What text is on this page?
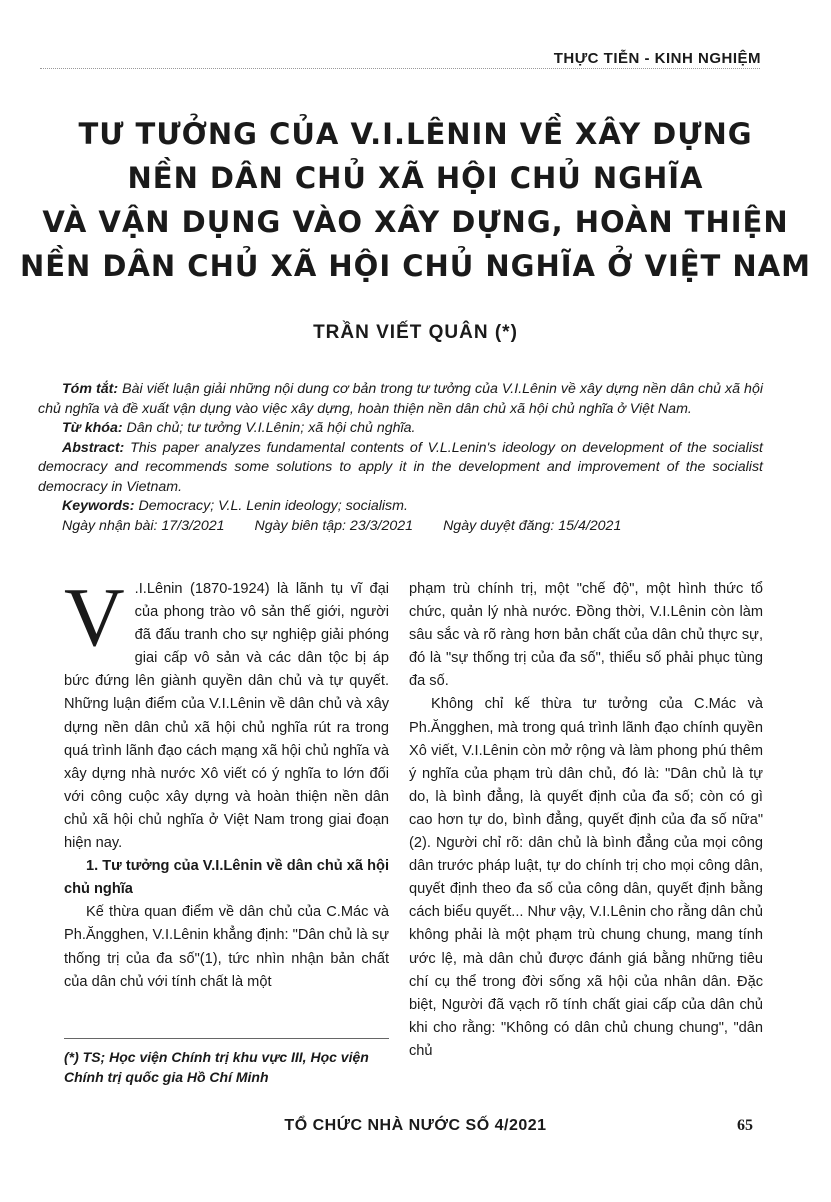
THỰC TIỄN - KINH NGHIỆM
TƯ TƯỞNG CỦA V.I.LÊNIN VỀ XÂY DỰNG
NỀN DÂN CHỦ XÃ HỘI CHỦ NGHĨA
VÀ VẬN DỤNG VÀO XÂY DỰNG, HOÀN THIỆN
NỀN DÂN CHỦ XÃ HỘI CHỦ NGHĨA Ở VIỆT NAM
TRẦN VIẾT QUÂN (*)

Tóm tắt: Bài viết luận giải những nội dung cơ bản trong tư tưởng của V.I.Lênin về xây dựng nền dân chủ xã hội chủ nghĩa và đề xuất vận dụng vào việc xây dựng, hoàn thiện nền dân chủ xã hội chủ nghĩa ở Việt Nam.

Từ khóa: Dân chủ; tư tưởng V.I.Lênin; xã hội chủ nghĩa.

Abstract: This paper analyzes fundamental contents of V.L.Lenin's ideology on development of the socialist democracy and recommends some solutions to apply it in the development and improvement of the socialist democracy in Vietnam.

Keywords: Democracy; V.L. Lenin ideology; socialism.

Ngày nhận bài: 17/3/2021 Ngày biên tập: 23/3/2021 Ngày duyệt đăng: 15/4/2021

V .I.Lênin (1870-1924) là lãnh tụ vĩ đại của phong trào vô sản thế giới, người đã đấu tranh cho sự nghiệp giải phóng giai cấp vô sản và các dân tộc bị áp bức đứng lên giành quyền dân chủ và tự quyết. Những luận điểm của V.I.Lênin về dân chủ và xây dựng nền dân chủ xã hội chủ nghĩa rút ra trong quá trình lãnh đạo cách mạng xã hội chủ nghĩa và xây dựng nhà nước Xô viết có ý nghĩa to lớn đối với công cuộc xây dựng và hoàn thiện nền dân chủ xã hội chủ nghĩa ở Việt Nam trong giai đoạn hiện nay.

1. Tư tưởng của V.I.Lênin về dân chủ xã hội chủ nghĩa

Kế thừa quan điểm về dân chủ của C.Mác và Ph.Ăngghen, V.I.Lênin khẳng định: "Dân chủ là sự thống trị của đa số"(1), tức nhìn nhận bản chất của dân chủ với tính chất là một

phạm trù chính trị, một "chế độ", một hình thức tổ chức, quản lý nhà nước. Đồng thời, V.I.Lênin còn làm sâu sắc và rõ ràng hơn bản chất của dân chủ thực sự, đó là "sự thống trị của đa số", thiểu số phải phục tùng đa số.

Không chỉ kế thừa tư tưởng của C.Mác và Ph.Ăngghen, mà trong quá trình lãnh đạo chính quyền Xô viết, V.I.Lênin còn mở rộng và làm phong phú thêm ý nghĩa của phạm trù dân chủ, đó là: "Dân chủ là tự do, là bình đẳng, là quyết định của đa số; còn có gì cao hơn tự do, bình đẳng, quyết định của đa số nữa"(2). Người chỉ rõ: dân chủ là bình đẳng của mọi công dân trước pháp luật, tự do chính trị cho mọi công dân, quyết định theo đa số của công dân, quyết định bằng cách biểu quyết... Như vậy, V.I.Lênin cho rằng dân chủ không phải là một phạm trù chung chung, mang tính ước lệ, mà dân chủ được đánh giá bằng những tiêu chí cụ thể trong đời sống xã hội của nhân dân. Đặc biệt, Người đã vạch rõ tính chất giai cấp của dân chủ khi cho rằng: "Không có dân chủ chung chung", "dân chủ

(*) TS; Học viện Chính trị khu vực III, Học viện Chính trị quốc gia Hồ Chí Minh
TỔ CHỨC NHÀ NƯỚC SỐ 4/2021	65
